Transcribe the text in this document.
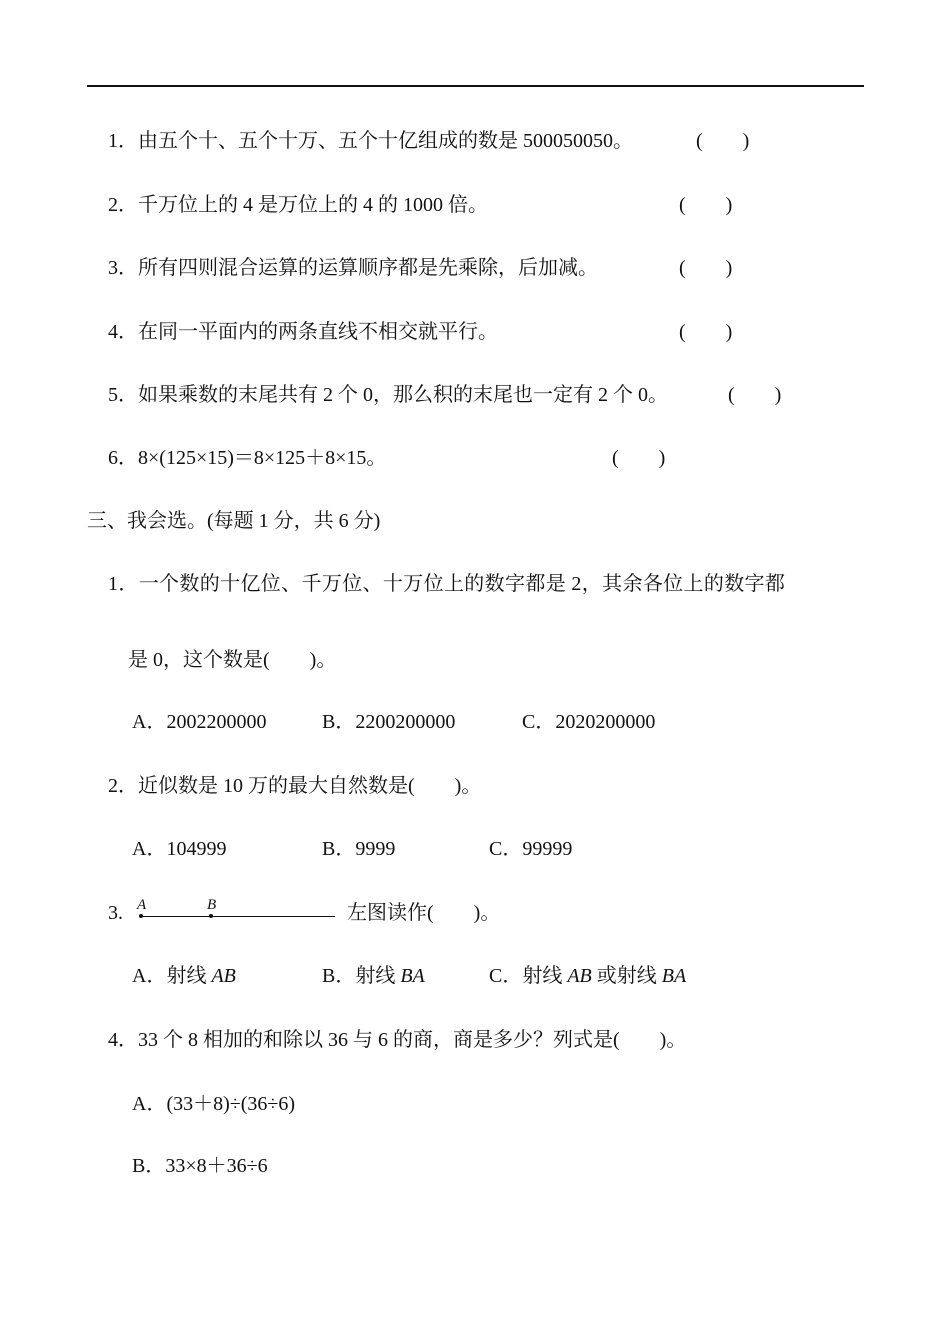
1．由五个十、五个十万、五个十亿组成的数是 500050050。	(　　)
2．千万位上的 4 是万位上的 4 的 1000 倍。	(　　)
3．所有四则混合运算的运算顺序都是先乘除，后加减。	(　　)
4．在同一平面内的两条直线不相交就平行。	(　　)
5．如果乘数的末尾共有 2 个 0，那么积的末尾也一定有 2 个 0。	(　　)
6．8×(125×15)＝8×125＋8×15。	(　　)
三、我会选。(每题 1 分，共 6 分)
1．一个数的十亿位、千万位、十万位上的数字都是 2，其余各位上的数字都
是 0，这个数是(　　)。
A．2002200000	B．2200200000	C．2020200000
2．近似数是 10 万的最大自然数是(　　)。
A．104999	B．9999	C．99999
3. A	B	左图读作(　　)。
A．射线 AB	B．射线 BA	C．射线 AB 或射线 BA
4．33 个 8 相加的和除以 36 与 6 的商，商是多少？列式是(　　)。
A．(33＋8)÷(36÷6)
B．33×8＋36÷6
